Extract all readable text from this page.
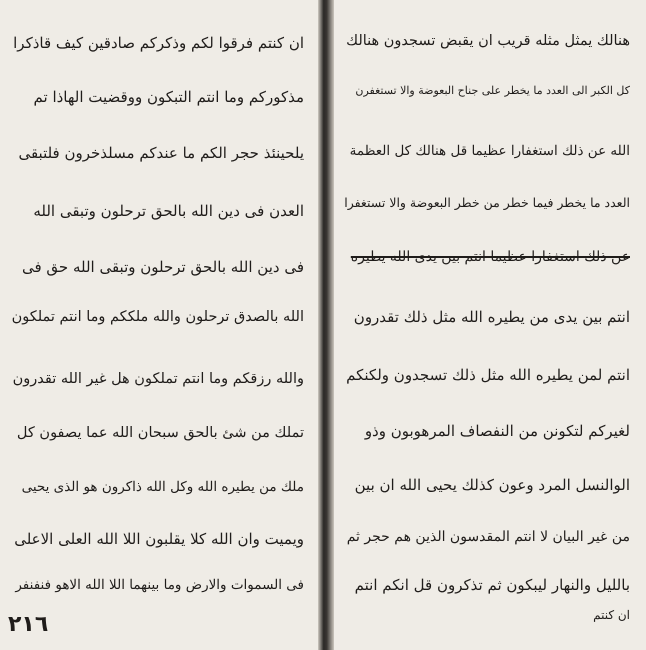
ان كنتم فرقوا لكم وذكركم صادقين كيف قاذكرا
مذكوركم وما انتم التبكون ووقضيت الهاذا تم
يلحينئذ حجر الكم ما عندكم مسلذخرون فلتبقى
العدن فى دين الله بالحق ترحلون وتبقى الله
فى دين الله بالحق ترحلون وتبقى الله حق فى
الله بالصدق ترحلون والله ملككم وما انتم تملكون
والله رزقكم وما انتم تملكون هل غير الله تقدرون
تملك من شئ بالحق سبحان الله عما يصفون كل
ملك من يطيره الله وكل الله ذاكرون هو الذى يحيى
ويميت وان الله كلا يقلبون اللا الله العلى الاعلى
فى السموات والارض وما بينهما اللا الله الاهو فنفنفر
٢١٦
هنالك يمثل مثله قريب ان يقبض تسجدون هنالك
كل الكبر الى العدد ما يخطر على جناح البعوضة والا تستغفرن
الله عن ذلك استغفارا عظيما قل هنالك كل العظمة
العدد ما يخطر فيما خطر من خطر البعوضة والا تستغفرا
عن ذلك استغفارا عظيما انتم بين يدى الله يطيره
انتم بين يدى من يطيره الله مثل ذلك تقدرون
انتم لمن يطيره الله مثل ذلك تسجدون ولكنكم
لغيركم لتكونن من النفصاف المرهوبون وذو
الوالنسل المرد وعون كذلك يحيى الله ان بين
من غير البيان لا انتم المقدسون الذين هم حجر ثم
بالليل والنهار ليبكون ثم تذكرون قل انكم انتم
ان كنتم
